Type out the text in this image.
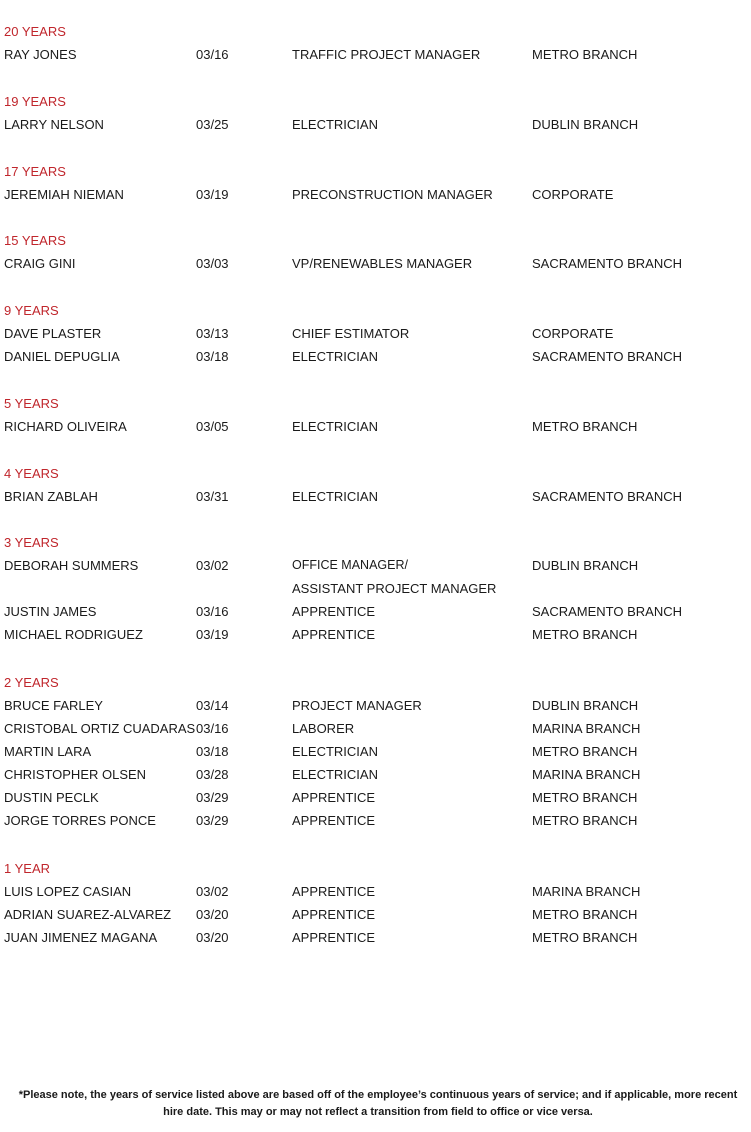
20 YEARS
RAY JONES	03/16	TRAFFIC PROJECT MANAGER	METRO BRANCH
19 YEARS
LARRY NELSON	03/25	ELECTRICIAN	DUBLIN BRANCH
17 YEARS
JEREMIAH NIEMAN	03/19	PRECONSTRUCTION MANAGER	CORPORATE
15 YEARS
CRAIG GINI	03/03	VP/RENEWABLES MANAGER	SACRAMENTO BRANCH
9 YEARS
DAVE PLASTER	03/13	CHIEF ESTIMATOR	CORPORATE
DANIEL DEPUGLIA	03/18	ELECTRICIAN	SACRAMENTO BRANCH
5 YEARS
RICHARD OLIVEIRA	03/05	ELECTRICIAN	METRO BRANCH
4 YEARS
BRIAN ZABLAH	03/31	ELECTRICIAN	SACRAMENTO BRANCH
3 YEARS
DEBORAH SUMMERS	03/02	OFFICE MANAGER/	DUBLIN BRANCH
ASSISTANT PROJECT MANAGER
JUSTIN JAMES	03/16	APPRENTICE	SACRAMENTO BRANCH
MICHAEL RODRIGUEZ	03/19	APPRENTICE	METRO BRANCH
2 YEARS
BRUCE FARLEY	03/14	PROJECT MANAGER	DUBLIN BRANCH
CRISTOBAL ORTIZ CUADARAS 03/16	LABORER	MARINA BRANCH
MARTIN LARA	03/18	ELECTRICIAN	METRO BRANCH
CHRISTOPHER OLSEN	03/28	ELECTRICIAN	MARINA BRANCH
DUSTIN PECLK	03/29	APPRENTICE	METRO BRANCH
JORGE TORRES PONCE	03/29	APPRENTICE	METRO BRANCH
1 YEAR
LUIS LOPEZ CASIAN	03/02	APPRENTICE	MARINA BRANCH
ADRIAN SUAREZ-ALVAREZ 03/20	APPRENTICE	METRO BRANCH
JUAN JIMENEZ MAGANA	03/20	APPRENTICE	METRO BRANCH
*Please note, the years of service listed above are based off of the employee’s continuous years of service; and if applicable, more recent hire date. This may or may not reflect a transition from field to office or vice versa.
